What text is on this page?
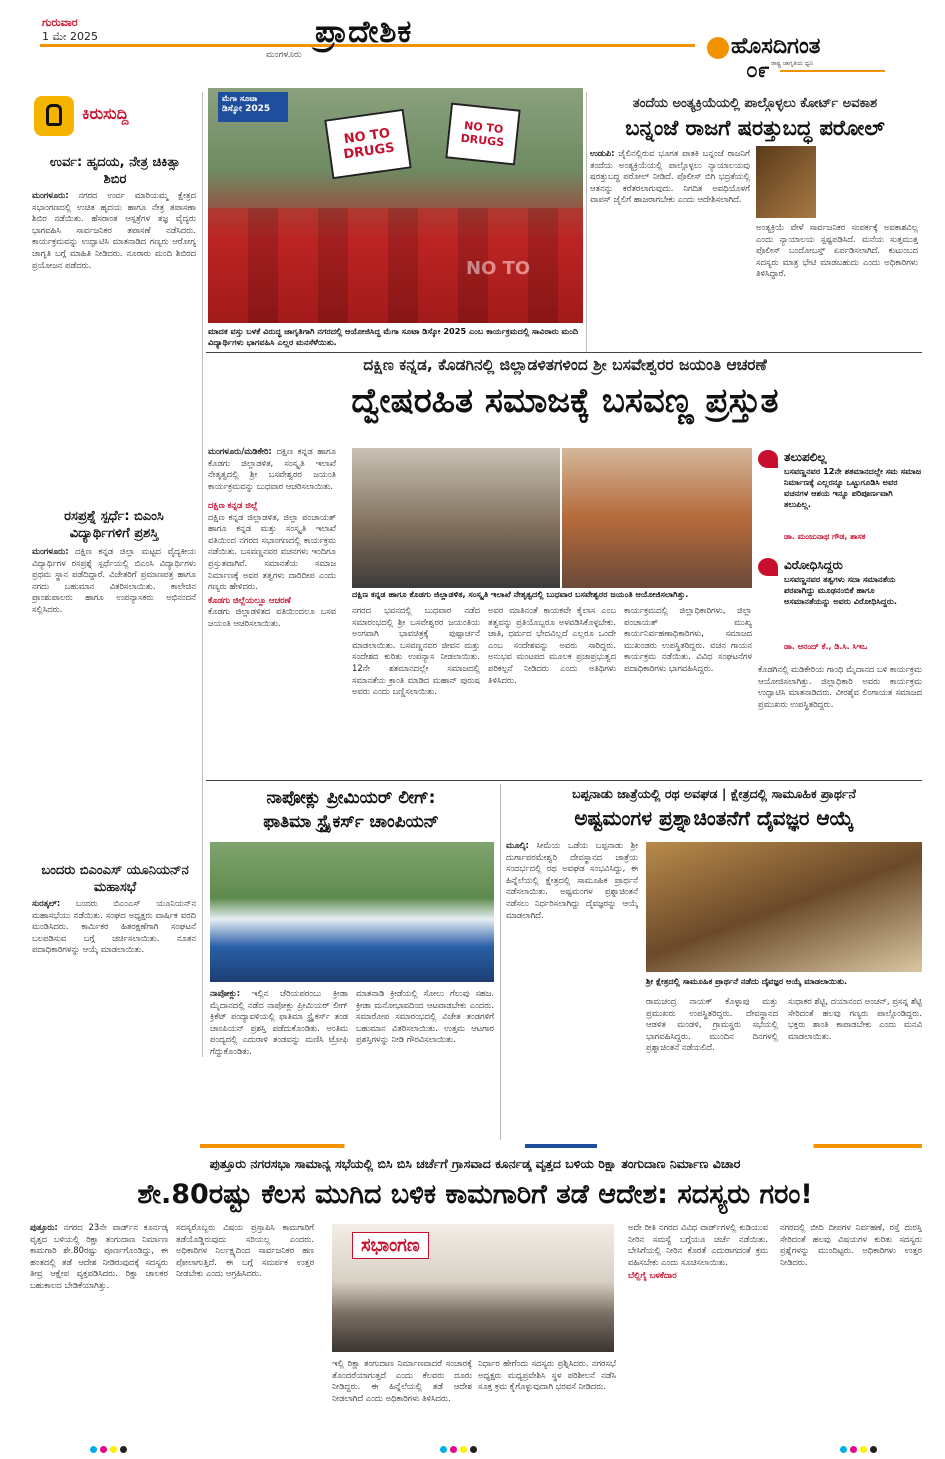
ಗುರುವಾರ
1 ಮೇ 2025
ಮಂಗಳೂರು
ಪ್ರಾದೇಶಿಕ	ಹೊಸದಿಗಂತ
ರಾಷ್ಟ್ರ ಜಾಗೃತಿಯ ಧ್ವನಿ
೦೯
ಕಿರುಸುದ್ದಿ
ಉರ್ವ: ಹೃದಯ, ನೇತ್ರ ಚಿಕಿತ್ಸಾ ಶಿಬಿರ
ಮಂಗಳೂರು: ನಗರದ ಉರ್ವ ಮಾರಿಯಮ್ಮ ಕ್ಷೇತ್ರದ ಸಭಾಂಗಣದಲ್ಲಿ ಉಚಿತ ಹೃದಯ ಹಾಗೂ ನೇತ್ರ ತಪಾಸಣಾ ಶಿಬಿರ ನಡೆಯಿತು. ಹೆಸರಾಂತ ಆಸ್ಪತ್ರೆಗಳ ತಜ್ಞ ವೈದ್ಯರು ಭಾಗವಹಿಸಿ ಸಾರ್ವಜನಿಕರ ತಪಾಸಣೆ ನಡೆಸಿದರು. ಕಾರ್ಯಕ್ರಮವನ್ನು ಉದ್ಘಾಟಿಸಿ ಮಾತನಾಡಿದ ಗಣ್ಯರು ಆರೋಗ್ಯ ಜಾಗೃತಿ ಬಗ್ಗೆ ಮಾಹಿತಿ ನೀಡಿದರು. ನೂರಾರು ಮಂದಿ ಶಿಬಿರದ ಪ್ರಯೋಜನ ಪಡೆದರು.
ರಸಪ್ರಶ್ನೆ ಸ್ಪರ್ಧೆ: ಬಿಎಂಸಿ ವಿದ್ಯಾರ್ಥಿಗಳಿಗೆ ಪ್ರಶಸ್ತಿ
ಮಂಗಳೂರು: ದಕ್ಷಿಣ ಕನ್ನಡ ಜಿಲ್ಲಾ ಮಟ್ಟದ ವೈದ್ಯಕೀಯ ವಿದ್ಯಾರ್ಥಿಗಳ ರಸಪ್ರಶ್ನೆ ಸ್ಪರ್ಧೆಯಲ್ಲಿ ಬಿಎಂಸಿ ವಿದ್ಯಾರ್ಥಿಗಳು ಪ್ರಥಮ ಸ್ಥಾನ ಪಡೆದಿದ್ದಾರೆ. ವಿಜೇತರಿಗೆ ಪ್ರಮಾಣಪತ್ರ ಹಾಗೂ ನಗದು ಬಹುಮಾನ ವಿತರಿಸಲಾಯಿತು. ಕಾಲೇಜಿನ ಪ್ರಾಂಶುಪಾಲರು ಹಾಗೂ ಉಪನ್ಯಾಸಕರು ಅಭಿನಂದನೆ ಸಲ್ಲಿಸಿದರು.
ಬಂದರು ಬಿಎಂಎಸ್ ಯೂನಿಯನ್‌ನ ಮಹಾಸಭೆ
ಸುರತ್ಕಲ್: ಬಂದರು ಬಿಎಂಎಸ್ ಯೂನಿಯನ್‌ನ ಮಹಾಸಭೆಯು ನಡೆಯಿತು. ಸಂಘದ ಅಧ್ಯಕ್ಷರು ವಾರ್ಷಿಕ ವರದಿ ಮಂಡಿಸಿದರು. ಕಾರ್ಮಿಕರ ಹಿತರಕ್ಷಣೆಗಾಗಿ ಸಂಘಟನೆ ಬಲಪಡಿಸುವ ಬಗ್ಗೆ ಚರ್ಚಿಸಲಾಯಿತು. ನೂತನ ಪದಾಧಿಕಾರಿಗಳನ್ನು ಆಯ್ಕೆ ಮಾಡಲಾಯಿತು.
ಮೆಗಾ ಸೂಟಾ
ಡಿಸ್ಕೋ 2025
NO TO DRUGS
NO TO DRUGS
ಮಾದಕ ವಸ್ತು ಬಳಕೆ ವಿರುದ್ಧ ಜಾಗೃತಿಗಾಗಿ ನಗರದಲ್ಲಿ ಆಯೋಜಿಸಿದ್ದ ಮೆಗಾ ಸೂಟಾ ಡಿಸ್ಕೋ 2025 ಎಂಬ ಕಾರ್ಯಕ್ರಮದಲ್ಲಿ ಸಾವಿರಾರು ಮಂದಿ ವಿದ್ಯಾರ್ಥಿಗಳು ಭಾಗವಹಿಸಿ ಎಲ್ಲರ ಮನಸೆಳೆಯಿತು.
ತಂದೆಯ ಅಂತ್ಯಕ್ರಿಯೆಯಲ್ಲಿ ಪಾಲ್ಗೊಳ್ಳಲು ಕೋರ್ಟ್ ಅವಕಾಶ
ಬನ್ನಂಜೆ ರಾಜಗೆ ಷರತ್ತುಬದ್ಧ ಪರೋಲ್
ಉಡುಪಿ: ಜೈಲಿನಲ್ಲಿರುವ ಭೂಗತ ಪಾತಕಿ ಬನ್ನಂಜೆ ರಾಜನಿಗೆ ತಂದೆಯ ಅಂತ್ಯಕ್ರಿಯೆಯಲ್ಲಿ ಪಾಲ್ಗೊಳ್ಳಲು ನ್ಯಾಯಾಲಯವು ಷರತ್ತುಬದ್ಧ ಪರೋಲ್ ನೀಡಿದೆ. ಪೊಲೀಸ್ ಬಿಗಿ ಭದ್ರತೆಯಲ್ಲಿ ಆತನನ್ನು ಕರೆತರಲಾಗುವುದು. ನಿಗದಿತ ಅವಧಿಯೊಳಗೆ ವಾಪಸ್ ಜೈಲಿಗೆ ಹಾಜರಾಗಬೇಕು ಎಂದು ಆದೇಶಿಸಲಾಗಿದೆ.
ಅಂತ್ಯಕ್ರಿಯೆ ವೇಳೆ ಸಾರ್ವಜನಿಕರ ಸಂಪರ್ಕಕ್ಕೆ ಅವಕಾಶವಿಲ್ಲ ಎಂದು ನ್ಯಾಯಾಲಯ ಸ್ಪಷ್ಟಪಡಿಸಿದೆ. ಮನೆಯ ಸುತ್ತಮುತ್ತ ಪೊಲೀಸ್ ಬಂದೋಬಸ್ತ್ ಏರ್ಪಡಿಸಲಾಗಿದೆ. ಕುಟುಂಬದ ಸದಸ್ಯರು ಮಾತ್ರ ಭೇಟಿ ಮಾಡಬಹುದು ಎಂದು ಅಧಿಕಾರಿಗಳು ತಿಳಿಸಿದ್ದಾರೆ.
ದಕ್ಷಿಣ ಕನ್ನಡ, ಕೊಡಗಿನಲ್ಲಿ ಜಿಲ್ಲಾಡಳಿತಗಳಿಂದ ಶ್ರೀ ಬಸವೇಶ್ವರರ ಜಯಂತಿ ಆಚರಣೆ
ದ್ವೇಷರಹಿತ ಸಮಾಜಕ್ಕೆ ಬಸವಣ್ಣ ಪ್ರಸ್ತುತ
ಮಂಗಳೂರು/ಮಡಿಕೇರಿ: ದಕ್ಷಿಣ ಕನ್ನಡ ಹಾಗೂ ಕೊಡಗು ಜಿಲ್ಲಾಡಳಿತ, ಸಂಸ್ಕೃತಿ ಇಲಾಖೆ ನೇತೃತ್ವದಲ್ಲಿ ಶ್ರೀ ಬಸವೇಶ್ವರರ ಜಯಂತಿ ಕಾರ್ಯಕ್ರಮವನ್ನು ಬುಧವಾರ ಆಚರಿಸಲಾಯಿತು.
ದಕ್ಷಿಣ ಕನ್ನಡ ಹಾಗೂ ಕೊಡಗು ಜಿಲ್ಲಾಡಳಿತ, ಸಂಸ್ಕೃತಿ ಇಲಾಖೆ ನೇತೃತ್ವದಲ್ಲಿ ಬುಧವಾರ ಬಸವೇಶ್ವರರ ಜಯಂತಿ ಆಯೋಜಿಸಲಾಗಿತ್ತು.
ತಲುಪಲಿಲ್ಲ
ಬಸವಣ್ಣನವರ 12ನೇ ಶತಮಾನದಲ್ಲೇ ಸಮ ಸಮಾಜ ನಿರ್ಮಾಣಕ್ಕೆ ಎಲ್ಲರನ್ನೂ ಒಟ್ಟುಗೂಡಿಸಿ ಅವರ ವಚನಗಳ ಆಶಯ ಇನ್ನೂ ಪರಿಪೂರ್ಣವಾಗಿ ತಲುಪಿಲ್ಲ.
ಡಾ. ಮಂಜುನಾಥ ಗೌಡ, ಶಾಸಕ
ವಿರೋಧಿಸಿದ್ದರು
ಬಸವಣ್ಣನವರ ತತ್ವಗಳು ಸದಾ ಸಮಾನತೆಯ ಪರವಾಗಿದ್ದು ಮೂಢನಂಬಿಕೆ ಹಾಗೂ ಅಸಮಾನತೆಯನ್ನು ಅವರು ವಿರೋಧಿಸಿದ್ದರು.
ಡಾ. ಆನಂದ್ ಕೆ., ಡಿ.ಸಿ. ಸಿಇಒ
ದಕ್ಷಿಣ ಕನ್ನಡ ಜಿಲ್ಲೆ
ದಕ್ಷಿಣ ಕನ್ನಡ ಜಿಲ್ಲಾಡಳಿತ, ಜಿಲ್ಲಾ ಪಂಚಾಯತ್ ಹಾಗೂ ಕನ್ನಡ ಮತ್ತು ಸಂಸ್ಕೃತಿ ಇಲಾಖೆ ವತಿಯಿಂದ ನಗರದ ಸಭಾಂಗಣದಲ್ಲಿ ಕಾರ್ಯಕ್ರಮ ನಡೆಯಿತು. ಬಸವಣ್ಣನವರ ವಚನಗಳು ಇಂದಿಗೂ ಪ್ರಸ್ತುತವಾಗಿವೆ. ಸಮಾನತೆಯ ಸಮಾಜ ನಿರ್ಮಾಣಕ್ಕೆ ಅವರ ತತ್ವಗಳು ದಾರಿದೀಪ ಎಂದು ಗಣ್ಯರು ಹೇಳಿದರು.
ಕೊಡಗು ಜಿಲ್ಲೆಯಲ್ಲೂ ಆಚರಣೆ
ಕೊಡಗು ಜಿಲ್ಲಾಡಳಿತದ ವತಿಯಿಂದಲೂ ಬಸವ ಜಯಂತಿ ಆಚರಿಸಲಾಯಿತು.
ನಗರದ ಭವನದಲ್ಲಿ ಬುಧವಾರ ನಡೆದ ಸಮಾರಂಭದಲ್ಲಿ ಶ್ರೀ ಬಸವೇಶ್ವರರ ಜಯಂತಿಯ ಅಂಗವಾಗಿ ಭಾವಚಿತ್ರಕ್ಕೆ ಪುಷ್ಪಾರ್ಚನೆ ಮಾಡಲಾಯಿತು. ಬಸವಣ್ಣನವರ ಜೀವನ ಮತ್ತು ಸಂದೇಶದ ಕುರಿತು ಉಪನ್ಯಾಸ ನೀಡಲಾಯಿತು. 12ನೇ ಶತಮಾನದಲ್ಲೇ ಸಮಾಜದಲ್ಲಿ ಸಮಾನತೆಯ ಕ್ರಾಂತಿ ಮಾಡಿದ ಮಹಾನ್ ಪುರುಷ ಅವರು ಎಂದು ಬಣ್ಣಿಸಲಾಯಿತು.
ಅವರ ಮಾತಿನಂತೆ ಕಾಯಕವೇ ಕೈಲಾಸ ಎಂಬ ತತ್ವವನ್ನು ಪ್ರತಿಯೊಬ್ಬರೂ ಅಳವಡಿಸಿಕೊಳ್ಳಬೇಕು. ಜಾತಿ, ಧರ್ಮದ ಭೇದವಿಲ್ಲದೆ ಎಲ್ಲರೂ ಒಂದೇ ಎಂಬ ಸಂದೇಶವನ್ನು ಅವರು ಸಾರಿದ್ದರು. ಅನುಭವ ಮಂಟಪದ ಮೂಲಕ ಪ್ರಜಾಪ್ರಭುತ್ವದ ಪರಿಕಲ್ಪನೆ ನೀಡಿದರು ಎಂದು ಅತಿಥಿಗಳು ತಿಳಿಸಿದರು.
ಕಾರ್ಯಕ್ರಮದಲ್ಲಿ ಜಿಲ್ಲಾಧಿಕಾರಿಗಳು, ಜಿಲ್ಲಾ ಪಂಚಾಯತ್ ಮುಖ್ಯ ಕಾರ್ಯನಿರ್ವಹಣಾಧಿಕಾರಿಗಳು, ಸಮಾಜದ ಮುಖಂಡರು ಉಪಸ್ಥಿತರಿದ್ದರು. ವಚನ ಗಾಯನ ಕಾರ್ಯಕ್ರಮ ನಡೆಯಿತು. ವಿವಿಧ ಸಂಘಟನೆಗಳ ಪದಾಧಿಕಾರಿಗಳು ಭಾಗವಹಿಸಿದ್ದರು.	ಕೊಡಗಿನಲ್ಲಿ ಮಡಿಕೇರಿಯ ಗಾಂಧಿ ಮೈದಾನದ ಬಳಿ ಕಾರ್ಯಕ್ರಮ ಆಯೋಜಿಸಲಾಗಿತ್ತು. ಜಿಲ್ಲಾಧಿಕಾರಿ ಅವರು ಕಾರ್ಯಕ್ರಮ ಉದ್ಘಾಟಿಸಿ ಮಾತನಾಡಿದರು. ವೀರಶೈವ ಲಿಂಗಾಯತ ಸಮಾಜದ ಪ್ರಮುಖರು ಉಪಸ್ಥಿತರಿದ್ದರು.
ನಾಪೋಕ್ಲು ಪ್ರೀಮಿಯರ್ ಲೀಗ್:
ಫಾತಿಮಾ ಸ್ಟ್ರೈಕರ್ಸ್ ಚಾಂಪಿಯನ್
ನಾಪೋಕ್ಲು: ಇಲ್ಲಿನ ಚೆರಿಯಪರಂಬು ಕ್ರೀಡಾ ಮೈದಾನದಲ್ಲಿ ನಡೆದ ನಾಪೋಕ್ಲು ಪ್ರೀಮಿಯರ್ ಲೀಗ್ ಕ್ರಿಕೆಟ್ ಪಂದ್ಯಾವಳಿಯಲ್ಲಿ ಫಾತಿಮಾ ಸ್ಟ್ರೈಕರ್ಸ್ ತಂಡ ಚಾಂಪಿಯನ್ ಪ್ರಶಸ್ತಿ ಪಡೆದುಕೊಂಡಿತು. ಅಂತಿಮ ಪಂದ್ಯದಲ್ಲಿ ಎದುರಾಳಿ ತಂಡವನ್ನು ಮಣಿಸಿ ಟ್ರೋಫಿ ಗೆದ್ದುಕೊಂಡಿತು.
ಮಾತನಾಡಿ ಕ್ರೀಡೆಯಲ್ಲಿ ಸೋಲು ಗೆಲುವು ಸಹಜ. ಕ್ರೀಡಾ ಮನೋಭಾವದಿಂದ ಆಟವಾಡಬೇಕು ಎಂದರು. ಸಮಾರೋಪ ಸಮಾರಂಭದಲ್ಲಿ ವಿಜೇತ ತಂಡಗಳಿಗೆ ಬಹುಮಾನ ವಿತರಿಸಲಾಯಿತು. ಉತ್ತಮ ಆಟಗಾರ ಪ್ರಶಸ್ತಿಗಳನ್ನು ನೀಡಿ ಗೌರವಿಸಲಾಯಿತು.
ಬಪ್ಪನಾಡು ಜಾತ್ರೆಯಲ್ಲಿ ರಥ ಅವಘಡ | ಕ್ಷೇತ್ರದಲ್ಲಿ ಸಾಮೂಹಿಕ ಪ್ರಾರ್ಥನೆ
ಅಷ್ಟಮಂಗಳ ಪ್ರಶ್ನಾಚಿಂತನೆಗೆ ದೈವಜ್ಞರ ಆಯ್ಕೆ
ಮೂಲ್ಕಿ: ಸೀಮೆಯ ಒಡೆಯ ಬಪ್ಪನಾಡು ಶ್ರೀ ದುರ್ಗಾಪರಮೇಶ್ವರಿ ದೇವಸ್ಥಾನದ ಜಾತ್ರೆಯ ಸಂದರ್ಭದಲ್ಲಿ ರಥ ಅವಘಡ ಸಂಭವಿಸಿದ್ದು, ಈ ಹಿನ್ನೆಲೆಯಲ್ಲಿ ಕ್ಷೇತ್ರದಲ್ಲಿ ಸಾಮೂಹಿಕ ಪ್ರಾರ್ಥನೆ ನಡೆಸಲಾಯಿತು. ಅಷ್ಟಮಂಗಳ ಪ್ರಶ್ನಾಚಿಂತನೆ ನಡೆಸಲು ನಿರ್ಧರಿಸಲಾಗಿದ್ದು ದೈವಜ್ಞರನ್ನು ಆಯ್ಕೆ ಮಾಡಲಾಗಿದೆ.
ಶ್ರೀ ಕ್ಷೇತ್ರದಲ್ಲಿ ಸಾಮೂಹಿಕ ಪ್ರಾರ್ಥನೆ ನಡೆದು ದೈವಜ್ಞರ ಆಯ್ಕೆ ಮಾಡಲಾಯಿತು.
ರಾಮಚಂದ್ರ ನಾಯಕ್ ಕೊಳ್ಳಾಪು ಮತ್ತು ಪ್ರಮುಖರು ಉಪಸ್ಥಿತರಿದ್ದರು. ದೇವಸ್ಥಾನದ ಆಡಳಿತ ಮಂಡಳಿ, ಗ್ರಾಮಸ್ಥರು ಸಭೆಯಲ್ಲಿ ಭಾಗವಹಿಸಿದ್ದರು. ಮುಂದಿನ ದಿನಗಳಲ್ಲಿ ಪ್ರಶ್ನಾಚಿಂತನೆ ನಡೆಯಲಿದೆ.
ಸುಧಾಕರ ಶೆಟ್ಟಿ, ದಯಾನಂದ ಅಂಚನ್, ಪ್ರಸನ್ನ ಶೆಟ್ಟಿ ಸೇರಿದಂತೆ ಹಲವು ಗಣ್ಯರು ಪಾಲ್ಗೊಂಡಿದ್ದರು. ಭಕ್ತರು ಶಾಂತಿ ಕಾಪಾಡಬೇಕು ಎಂದು ಮನವಿ ಮಾಡಲಾಯಿತು.
ಪುತ್ತೂರು ನಗರಸಭಾ ಸಾಮಾನ್ಯ ಸಭೆಯಲ್ಲಿ ಬಿಸಿ ಬಿಸಿ ಚರ್ಚೆಗೆ ಗ್ರಾಸವಾದ ಕೂರ್ನಡ್ಕ ವೃತ್ತದ ಬಳಿಯ ರಿಕ್ಷಾ ತಂಗುದಾಣ ನಿರ್ಮಾಣ ವಿಚಾರ
ಶೇ.80ರಷ್ಟು ಕೆಲಸ ಮುಗಿದ ಬಳಿಕ ಕಾಮಗಾರಿಗೆ ತಡೆ ಆದೇಶ: ಸದಸ್ಯರು ಗರಂ!
ಪುತ್ತೂರು: ನಗರದ 23ನೇ ವಾರ್ಡ್‌ನ ಕೂರ್ನಡ್ಕ ವೃತ್ತದ ಬಳಿಯಲ್ಲಿ ರಿಕ್ಷಾ ತಂಗುದಾಣ ನಿರ್ಮಾಣ ಕಾಮಗಾರಿ ಶೇ.80ರಷ್ಟು ಪೂರ್ಣಗೊಂಡಿದ್ದು, ಈ ಹಂತದಲ್ಲಿ ತಡೆ ಆದೇಶ ನೀಡಿರುವುದಕ್ಕೆ ಸದಸ್ಯರು ತೀವ್ರ ಆಕ್ಷೇಪ ವ್ಯಕ್ತಪಡಿಸಿದರು. ರಿಕ್ಷಾ ಚಾಲಕರ ಬಹುಕಾಲದ ಬೇಡಿಕೆಯಾಗಿತ್ತು.
ಸದಸ್ಯರೊಬ್ಬರು ವಿಷಯ ಪ್ರಸ್ತಾಪಿಸಿ ಕಾಮಗಾರಿಗೆ ತಡೆಯೊಡ್ಡಿರುವುದು ಸರಿಯಲ್ಲ ಎಂದರು. ಅಧಿಕಾರಿಗಳ ನಿರ್ಲಕ್ಷ್ಯದಿಂದ ಸಾರ್ವಜನಿಕರ ಹಣ ಪೋಲಾಗುತ್ತಿದೆ. ಈ ಬಗ್ಗೆ ಸಮರ್ಪಕ ಉತ್ತರ ನೀಡಬೇಕು ಎಂದು ಆಗ್ರಹಿಸಿದರು.
ಸಭಾಂಗಣ
ಇಲ್ಲಿ ರಿಕ್ಷಾ ತಂಗುದಾಣ ನಿರ್ಮಾಣವಾದರೆ ಸಂಚಾರಕ್ಕೆ ತೊಂದರೆಯಾಗುತ್ತದೆ ಎಂದು ಕೆಲವರು ದೂರು ನೀಡಿದ್ದರು. ಈ ಹಿನ್ನೆಲೆಯಲ್ಲಿ ತಡೆ ಆದೇಶ ನೀಡಲಾಗಿದೆ ಎಂದು ಅಧಿಕಾರಿಗಳು ತಿಳಿಸಿದರು.
ನಿರ್ಧಾರ ಹೇಗೆಂದು ಸದಸ್ಯರು ಪ್ರಶ್ನಿಸಿದರು. ನಗರಸಭೆ ಅಧ್ಯಕ್ಷರು ಮಧ್ಯಪ್ರವೇಶಿಸಿ ಸ್ಥಳ ಪರಿಶೀಲನೆ ನಡೆಸಿ ಸೂಕ್ತ ಕ್ರಮ ಕೈಗೊಳ್ಳುವುದಾಗಿ ಭರವಸೆ ನೀಡಿದರು.
ಅದೇ ರೀತಿ ನಗರದ ವಿವಿಧ ವಾರ್ಡ್‌ಗಳಲ್ಲಿ ಕುಡಿಯುವ ನೀರಿನ ಸಮಸ್ಯೆ ಬಗ್ಗೆಯೂ ಚರ್ಚೆ ನಡೆಯಿತು. ಬೇಸಿಗೆಯಲ್ಲಿ ನೀರಿನ ಕೊರತೆ ಎದುರಾಗದಂತೆ ಕ್ರಮ ವಹಿಸಬೇಕು ಎಂದು ಸೂಚಿಸಲಾಯಿತು.
ಬೆಲ್ಲಿಗೈ ಬಳಕೆದಾರ
ನಗರದಲ್ಲಿ ಬೀದಿ ದೀಪಗಳ ನಿರ್ವಹಣೆ, ರಸ್ತೆ ದುರಸ್ತಿ ಸೇರಿದಂತೆ ಹಲವು ವಿಷಯಗಳ ಕುರಿತು ಸದಸ್ಯರು ಪ್ರಶ್ನೆಗಳನ್ನು ಮುಂದಿಟ್ಟರು. ಅಧಿಕಾರಿಗಳು ಉತ್ತರ ನೀಡಿದರು.
